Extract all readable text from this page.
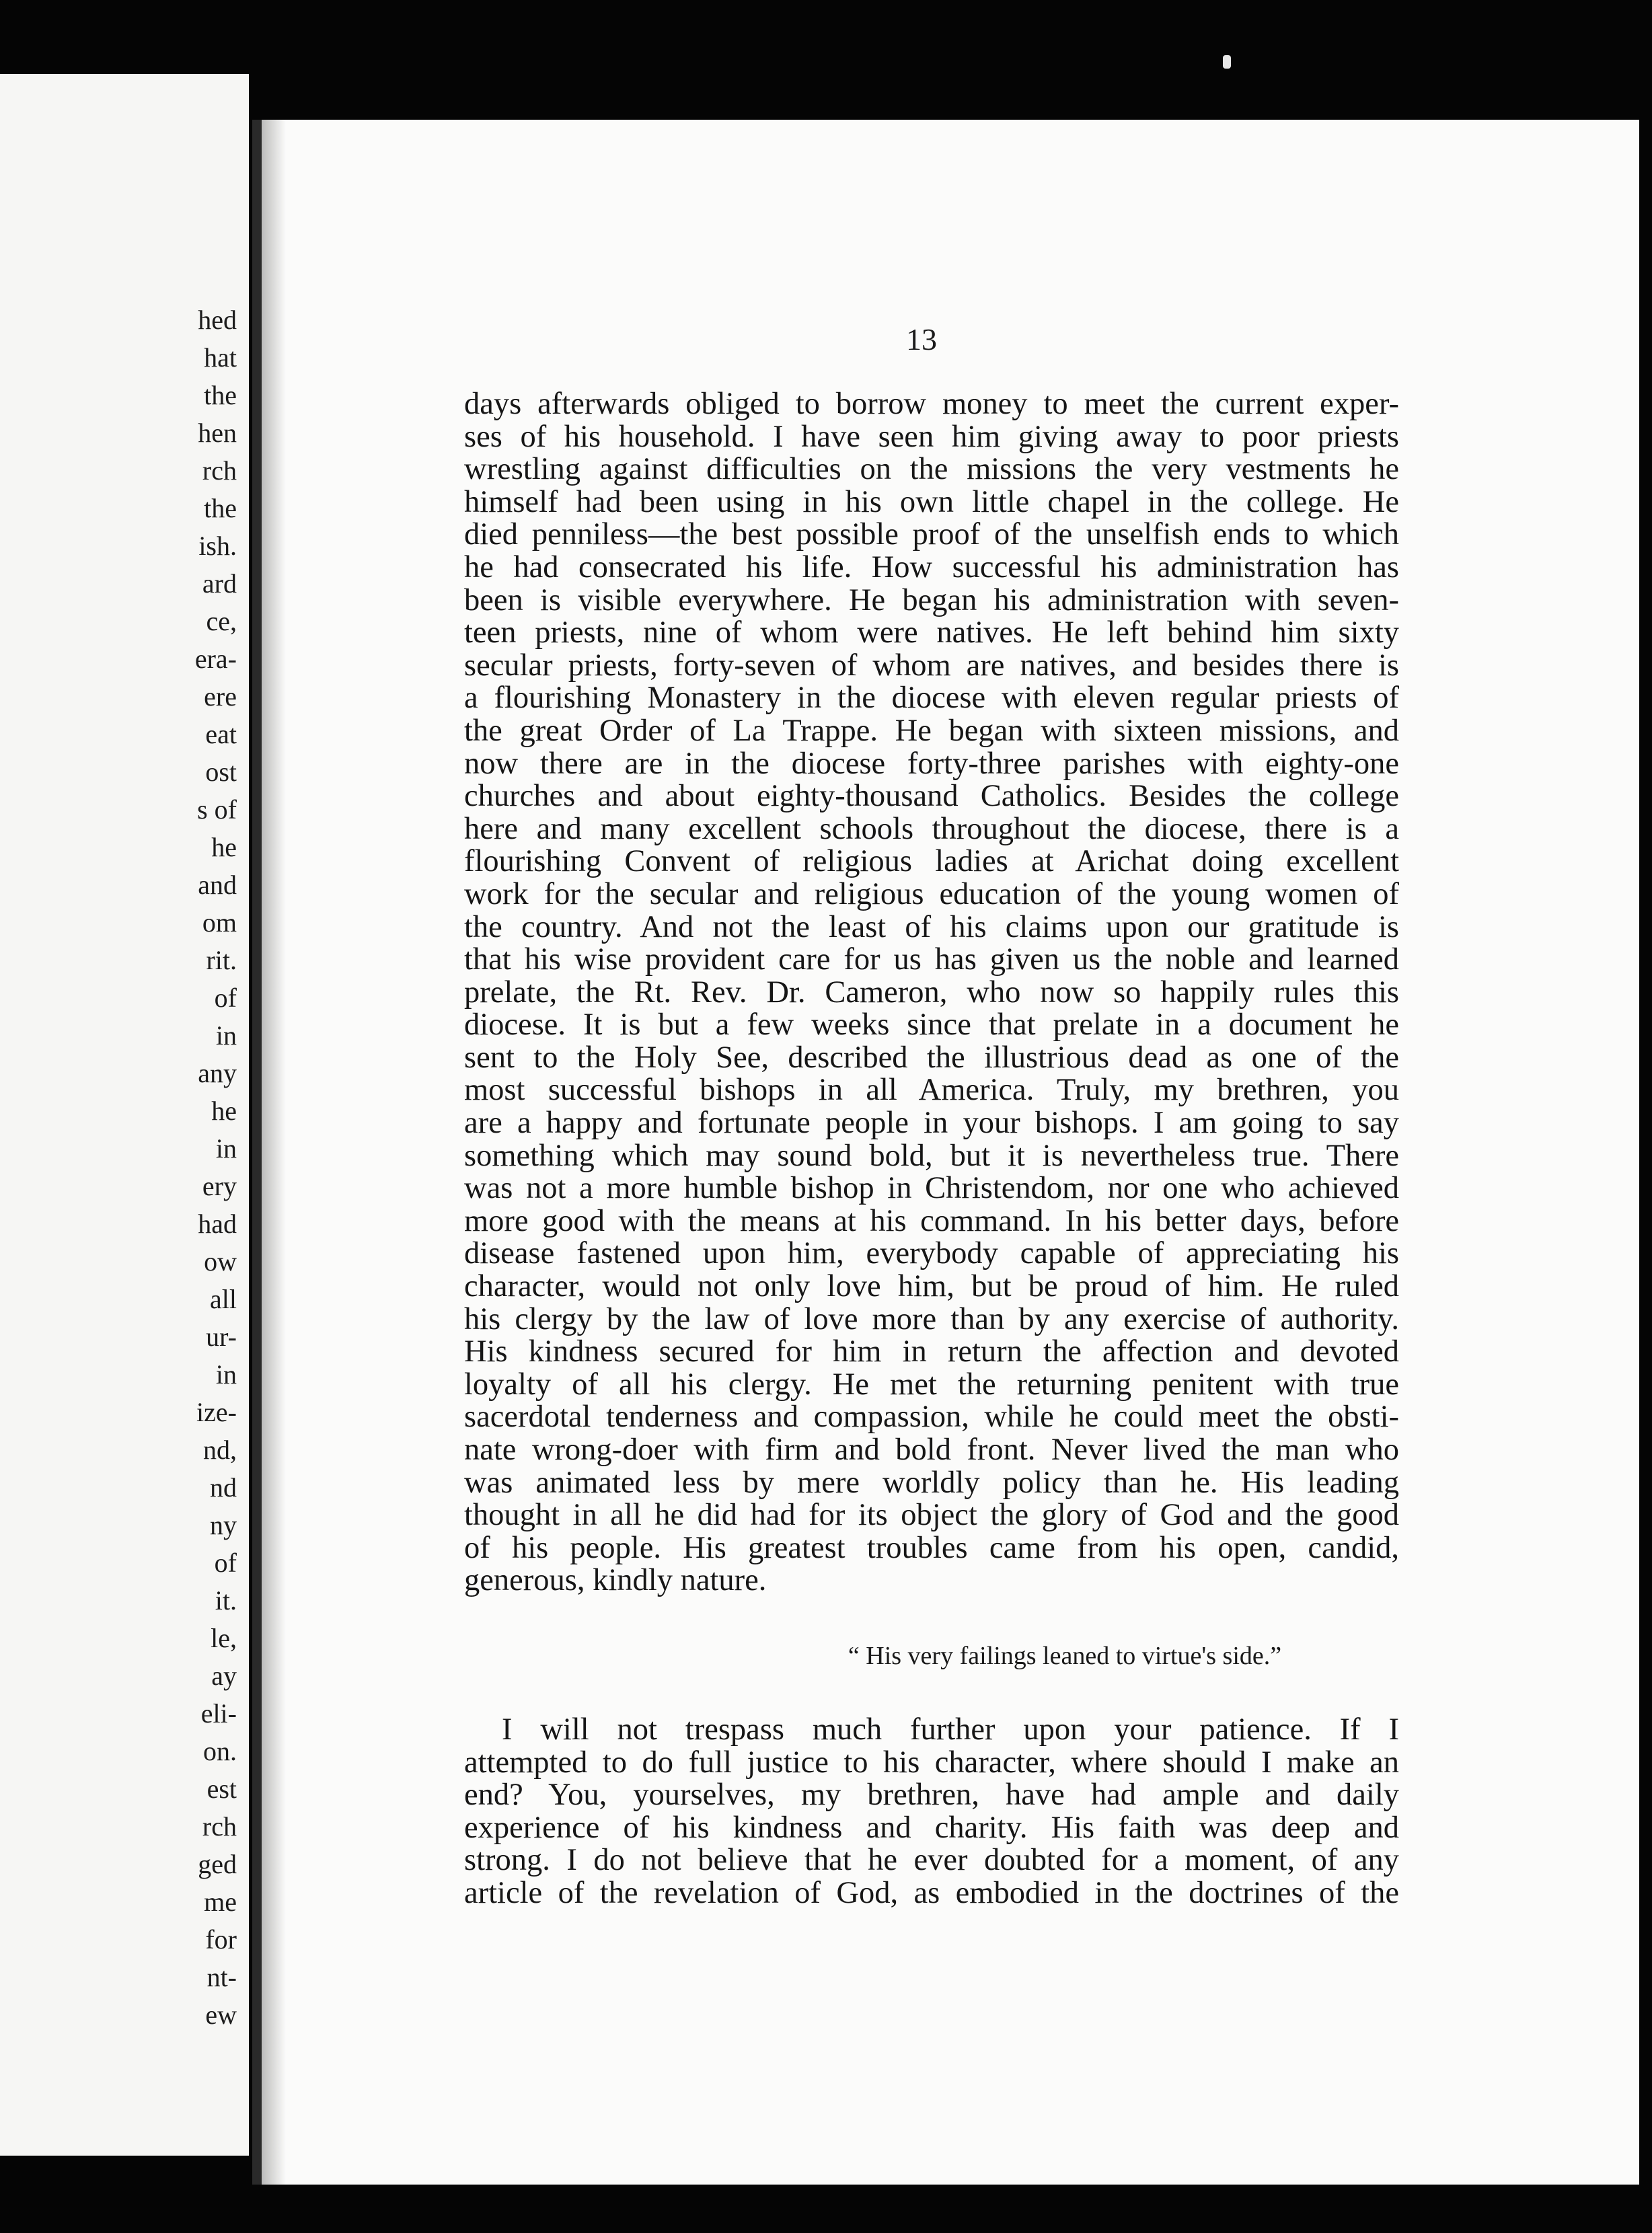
hed
hat
the
hen
rch
the
ish.
ard
ce,
era-
ere
eat
ost
s of
he
and
om
rit.
of
in
any
he
in
ery
had
ow
all
ur-
in
ize-
nd,
nd
ny
of
it.
le,
ay
eli-
on.
est
rch
ged
me
for
nt-
ew
13
days afterwards obliged to borrow money to meet the current exper-
ses of his household. I have seen him giving away to poor priests
wrestling against difficulties on the missions the very vestments he
himself had been using in his own little chapel in the college. He
died penniless—the best possible proof of the unselfish ends to which
he had consecrated his life. How successful his administration has
been is visible everywhere. He began his administration with seven-
teen priests, nine of whom were natives. He left behind him sixty
secular priests, forty-seven of whom are natives, and besides there is
a flourishing Monastery in the diocese with eleven regular priests of
the great Order of La Trappe. He began with sixteen missions, and
now there are in the diocese forty-three parishes with eighty-one
churches and about eighty-thousand Catholics. Besides the college
here and many excellent schools throughout the diocese, there is a
flourishing Convent of religious ladies at Arichat doing excellent
work for the secular and religious education of the young women of
the country. And not the least of his claims upon our gratitude is
that his wise provident care for us has given us the noble and learned
prelate, the Rt. Rev. Dr. Cameron, who now so happily rules this
diocese. It is but a few weeks since that prelate in a document he
sent to the Holy See, described the illustrious dead as one of the
most successful bishops in all America. Truly, my brethren, you
are a happy and fortunate people in your bishops. I am going to say
something which may sound bold, but it is nevertheless true. There
was not a more humble bishop in Christendom, nor one who achieved
more good with the means at his command. In his better days, before
disease fastened upon him, everybody capable of appreciating his
character, would not only love him, but be proud of him. He ruled
his clergy by the law of love more than by any exercise of authority.
His kindness secured for him in return the affection and devoted
loyalty of all his clergy. He met the returning penitent with true
sacerdotal tenderness and compassion, while he could meet the obsti-
nate wrong-doer with firm and bold front. Never lived the man who
was animated less by mere worldly policy than he. His leading
thought in all he did had for its object the glory of God and the good
of his people. His greatest troubles came from his open, candid,
generous, kindly nature.
“ His very failings leaned to virtue's side.”
I will not trespass much further upon your patience. If I
attempted to do full justice to his character, where should I make an
end? You, yourselves, my brethren, have had ample and daily
experience of his kindness and charity. His faith was deep and
strong. I do not believe that he ever doubted for a moment, of any
article of the revelation of God, as embodied in the doctrines of the
